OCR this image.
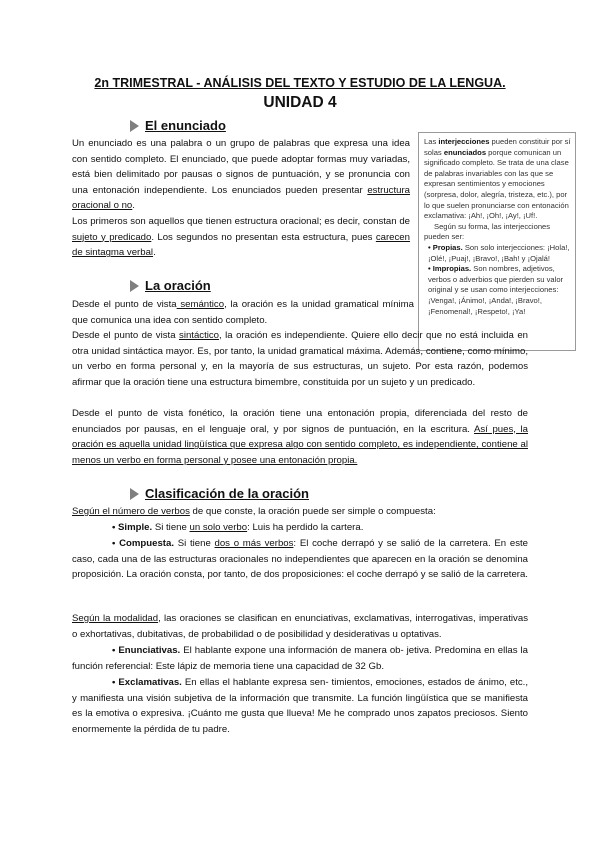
2n TRIMESTRAL - ANÁLISIS DEL TEXTO Y ESTUDIO DE LA LENGUA.
UNIDAD 4
El enunciado
Un enunciado es una palabra o un grupo de palabras que expresa una idea con sentido completo. El enunciado, que puede adoptar formas muy variadas, está bien delimitado por pausas o signos de puntuación, y se pronuncia con una entonación independiente. Los enunciados pueden presentar estructura oracional o no.
Los primeros son aquellos que tienen estructura oracional; es decir, constan de sujeto y predicado. Los segundos no presentan esta estructura, pues carecen de sintagma verbal.

Las interjecciones pueden constituir por sí solas enunciados porque comunican un significado completo. Se trata de una clase de palabras invariables con las que se expresan sentimientos y emociones (sorpresa, dolor, alegría, tristeza, etc.), por lo que suelen pronunciarse con entonación exclamativa: ¡Ah!, ¡Oh!, ¡Ay!, ¡Uf!.

Según su forma, las interjecciones pueden ser:

• Propias. Son solo interjecciones: ¡Hola!, ¡Olé!, ¡Puaj!, ¡Bravo!, ¡Bah! y ¡Ojalá!

• Impropias. Son nombres, adjetivos, verbos o adverbios que pierden su valor original y se usan como interjecciones: ¡Venga!, ¡Ánimo!, ¡Anda!, ¡Bravo!, ¡Fenomenal!, ¡Respeto!, ¡Ya!

La oración
Desde el punto de vista semántico, la oración es la unidad gramatical mínima que comunica una idea con sentido completo.
Desde el punto de vista sintáctico, la oración es independiente. Quiere ello decir que no está incluida en otra unidad sintáctica mayor. Es, por tanto, la unidad gramatical máxima. Además, contiene, como mínimo, un verbo en forma personal y, en la mayoría de sus estructuras, un sujeto. Por esta razón, podemos afirmar que la oración tiene una estructura bimembre, constituida por un sujeto y un predicado.
Desde el punto de vista fonético, la oración tiene una entonación propia, diferenciada del resto de enunciados por pausas, en el lenguaje oral, y por signos de puntuación, en la escritura. Así pues, la oración es aquella unidad lingüística que expresa algo con sentido completo, es independiente, contiene al menos un verbo en forma personal y posee una entonación propia.
Clasificación de la oración
Según el número de verbos de que conste, la oración puede ser simple o compuesta:
• Simple. Si tiene un solo verbo: Luis ha perdido la cartera.
• Compuesta. Si tiene dos o más verbos: El coche derrapó y se salió de la carretera. En este caso, cada una de las estructuras oracionales no independientes que aparecen en la oración se denomina proposición. La oración consta, por tanto, de dos proposiciones: el coche derrapó y se salió de la carretera.
Según la modalidad, las oraciones se clasifican en enunciativas, exclamativas, interrogativas, imperativas o exhortativas, dubitativas, de probabilidad o de posibilidad y desiderativas u optativas.
• Enunciativas. El hablante expone una información de manera ob- jetiva. Predomina en ellas la función referencial: Este lápiz de memoria tiene una capacidad de 32 Gb.
• Exclamativas. En ellas el hablante expresa sen- timientos, emociones, estados de ánimo, etc., y manifiesta una visión subjetiva de la información que transmite. La función lingüística que se manifiesta es la emotiva o expresiva. ¡Cuánto me gusta que llueva! Me he comprado unos zapatos preciosos. Siento enormemente la pérdida de tu padre.
